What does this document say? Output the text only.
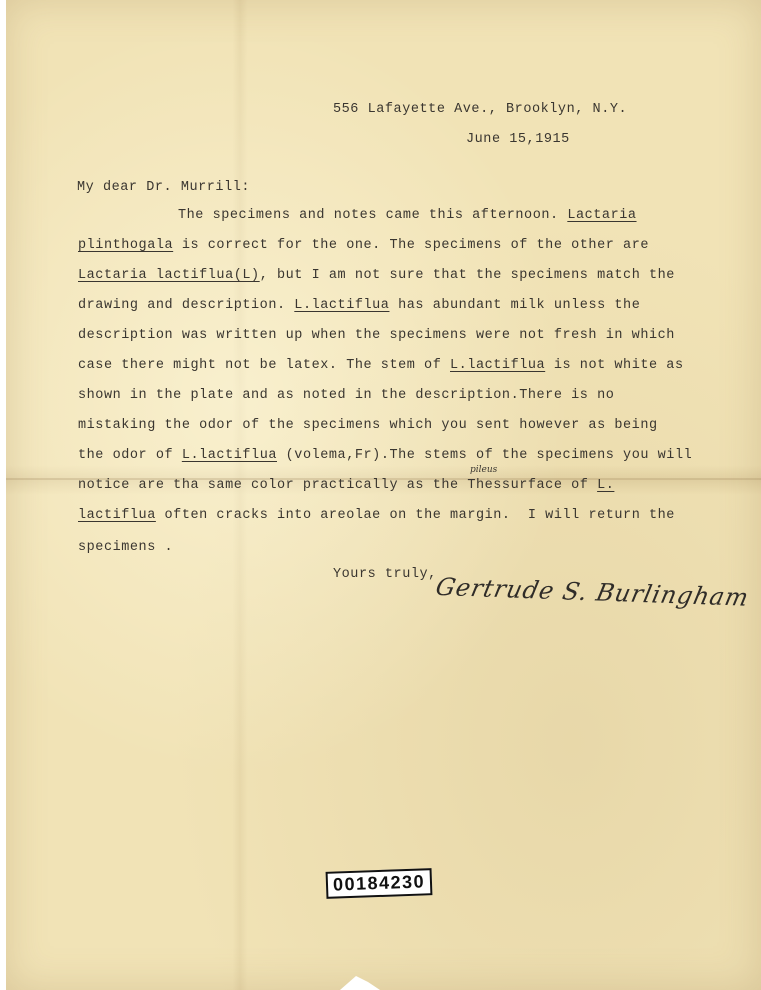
556 Lafayette Ave., Brooklyn, N.Y.

June 15,1915

My dear Dr. Murrill:

The specimens and notes came this afternoon. Lactaria

plinthogala is correct for the one. The specimens of the other are

Lactaria lactiflua(L), but I am not sure that the specimens match the

drawing and description. L.lactiflua has abundant milk unless the

description was written up when the specimens were not fresh in which

case there might not be latex. The stem of L.lactiflua is not white as

shown in the plate and as noted in the description.There is no

mistaking the odor of the specimens which you sent however as being

the odor of L.lactiflua (volema,Fr).The stems of the specimens you will

pileus

notice are tha same color practically as the Thessurface of L.

lactiflua often cracks into areolae on the margin.  I will return the

specimens .

Yours truly,

Gertrude S. Burlingham
00184230
